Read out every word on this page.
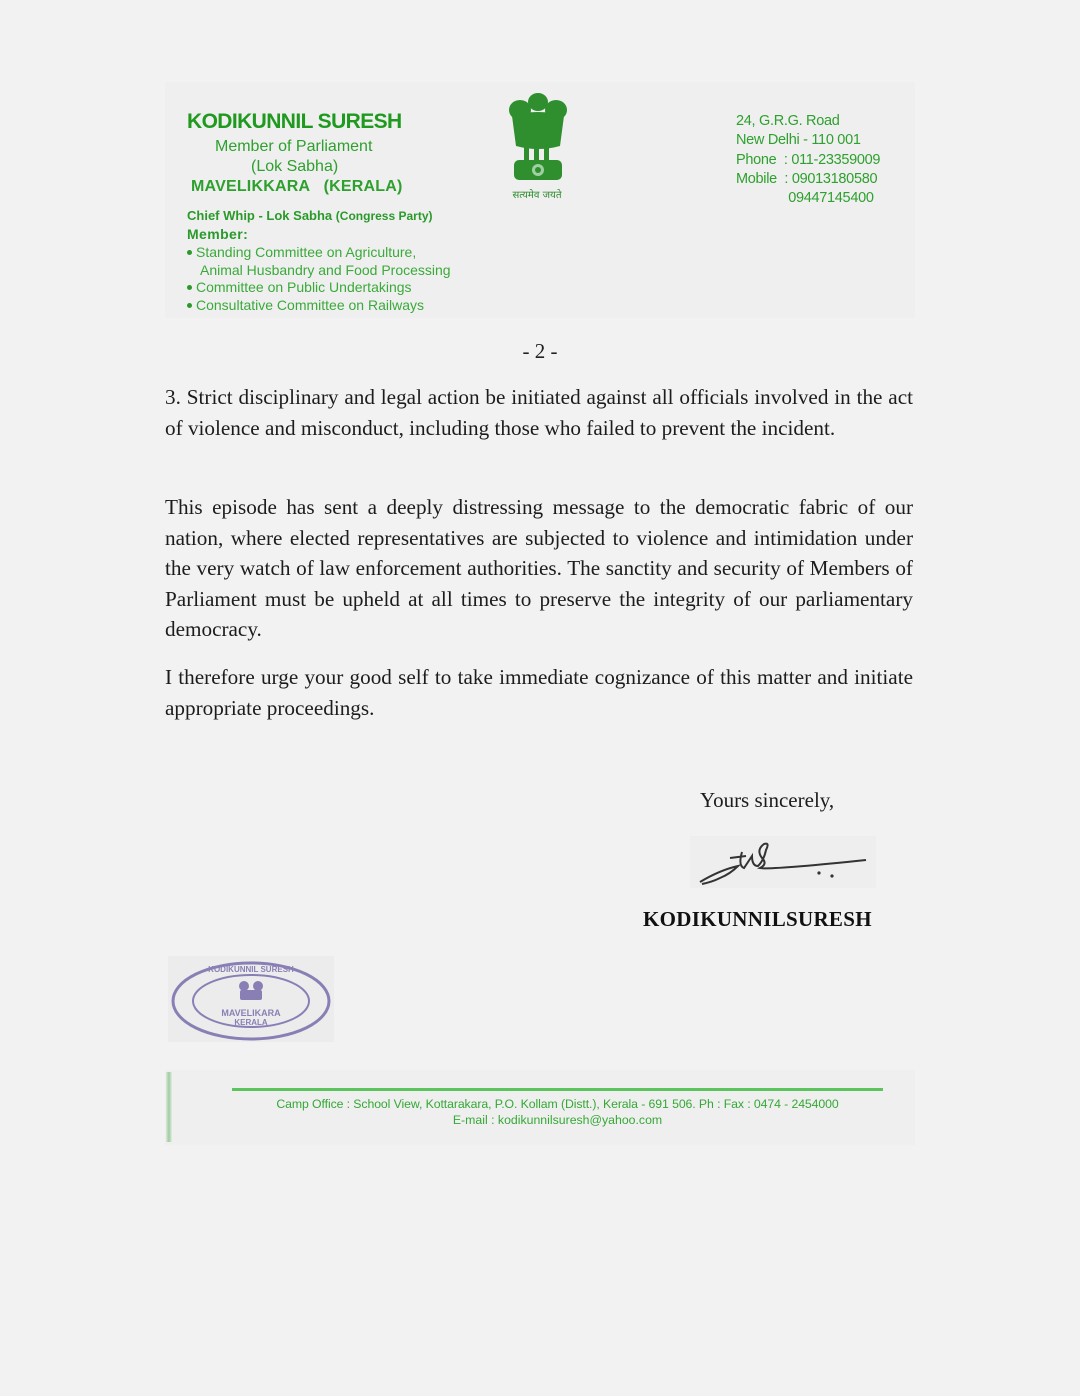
KODIKUNNIL SURESH
Member of Parliament
(Lok Sabha)
MAVELIKKARA   (KERALA)
Chief Whip - Lok Sabha (Congress Party)
Member:
Standing Committee on Agriculture,
Animal Husbandry and Food Processing
Committee on Public Undertakings
Consultative Committee on Railways
सत्यमेव जयते
24, G.R.G. Road
New Delhi - 110 001
Phone  : 011-23359009
Mobile  : 09013180580
09447145400
- 2 -
3. Strict disciplinary and legal action be initiated against all officials involved in the act of violence and misconduct, including those who failed to prevent the incident.
This episode has sent a deeply distressing message to the democratic fabric of our nation, where elected representatives are subjected to violence and intimidation under the very watch of law enforcement authorities. The sanctity and security of Members of Parliament must be upheld at all times to preserve the integrity of our parliamentary democracy.
I therefore urge your good self to take immediate cognizance of this matter and initiate appropriate proceedings.
Yours sincerely,
KODIKUNNILSURESH
MAVELIKARA
KERALA
KODIKUNNIL SURESH
Camp Office : School View, Kottarakara, P.O. Kollam (Distt.), Kerala - 691 506. Ph : Fax : 0474 - 2454000
E-mail : kodikunnilsuresh@yahoo.com
